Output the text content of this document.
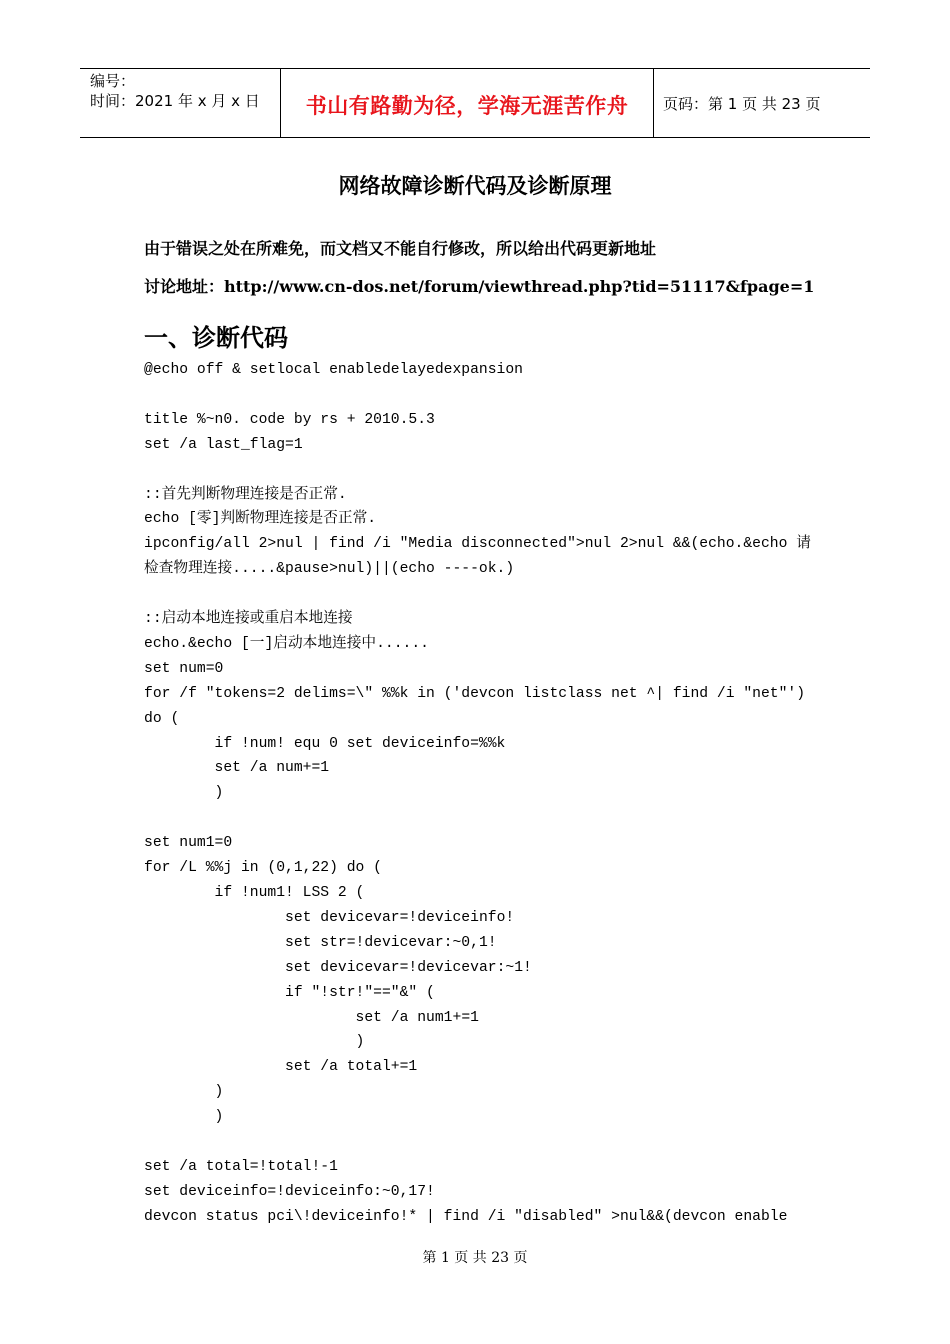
编号：
时间：2021 年 x 月 x 日	书山有路勤为径，学海无涯苦作舟 页码：第 1 页 共 23 页
网络故障诊断代码及诊断原理
由于错误之处在所难免，而文档又不能自行修改，所以给出代码更新地址
讨论地址：http://www.cn-dos.net/forum/viewthread.php?tid=51117&fpage=1
一、诊断代码
@echo off & setlocal enabledelayedexpansion
title %~n0. code by rs + 2010.5.3
set /a last_flag=1
::首先判断物理连接是否正常.
echo [零]判断物理连接是否正常.
ipconfig/all 2>nul | find /i "Media disconnected">nul 2>nul &&(echo.&echo 请
检查物理连接.....&pause>nul)||(echo ----ok.)
::启动本地连接或重启本地连接
echo.&echo [一]启动本地连接中......
set num=0
for /f "tokens=2 delims=\" %%k in ('devcon listclass net ^| find /i "net"')
do (
	if !num! equ 0 set deviceinfo=%%k
	set /a num+=1
	)
set num1=0
for /L %%j in (0,1,22) do (
	if !num1! LSS 2 (
		set devicevar=!deviceinfo!
		set str=!devicevar:~0,1!
		set devicevar=!devicevar:~1!
		if "!str!"=="&" (
			set /a num1+=1
			)
		set /a total+=1
	)
	)
set /a total=!total!-1
set deviceinfo=!deviceinfo:~0,17!
devcon status pci\!deviceinfo!* | find /i "disabled" >nul&&(devcon enable
第 1 页 共 23 页
